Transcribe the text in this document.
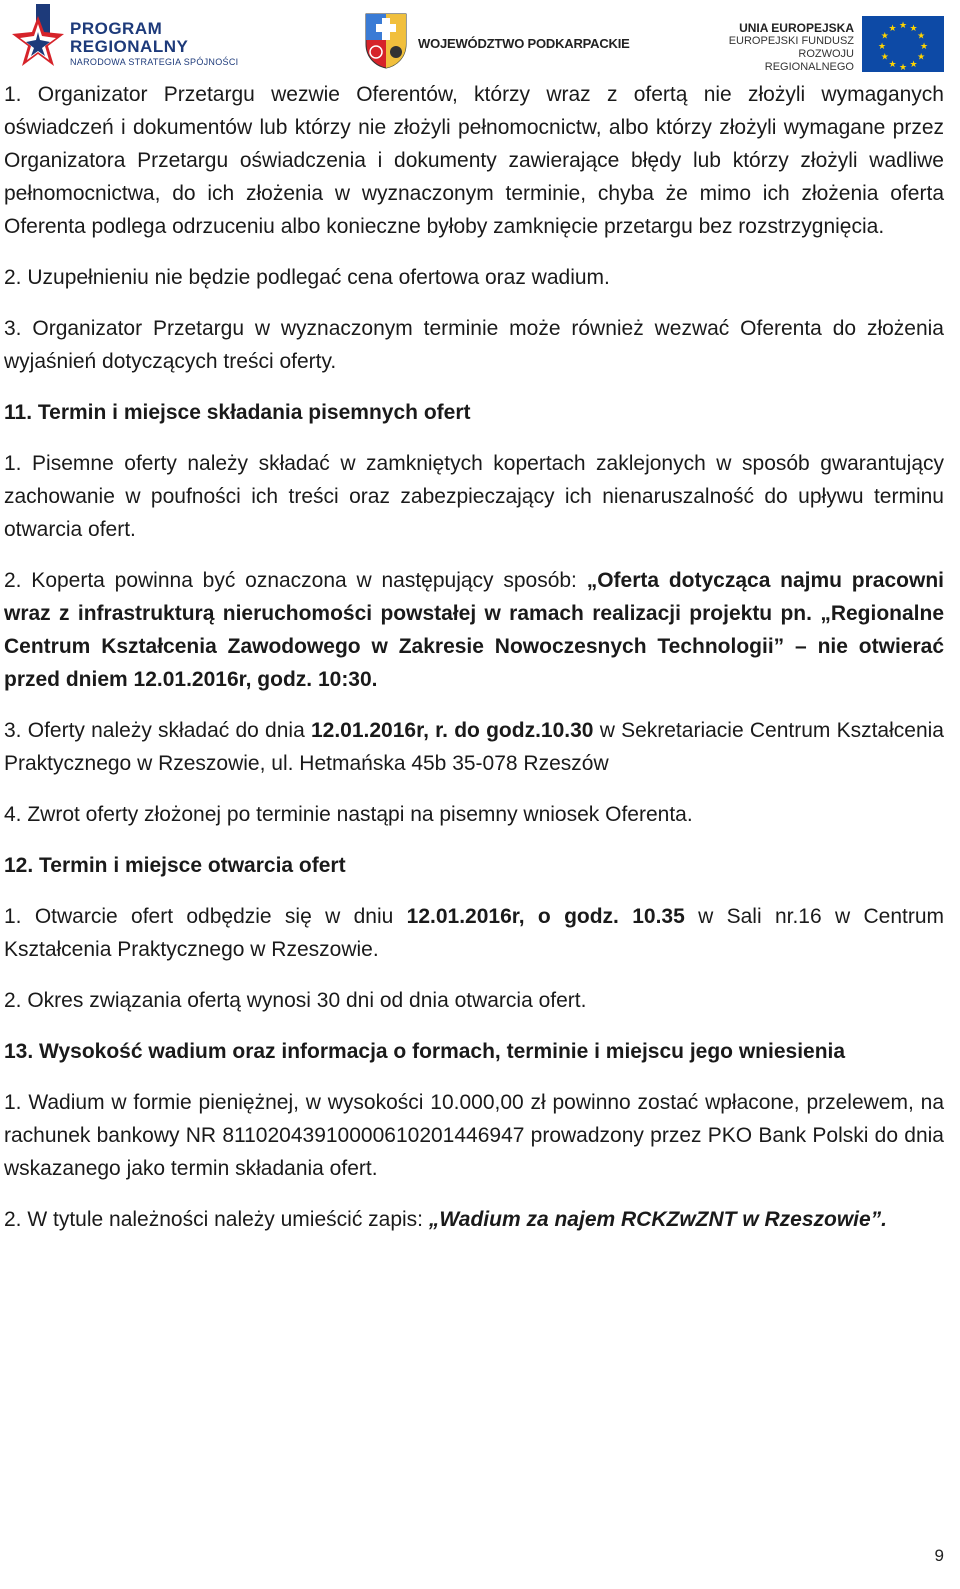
PROGRAM
REGIONALNY
NARODOWA STRATEGIA SPÓJNOŚCI
WOJEWÓDZTWO PODKARPACKIE
UNIA EUROPEJSKA
EUROPEJSKI FUNDUSZ
ROZWOJU REGIONALNEGO
★ ★
★
★
★
★
★
★
★
★
★
★

1. Organizator Przetargu wezwie Oferentów, którzy wraz z ofertą nie złożyli wymaganych oświadczeń i dokumentów lub którzy nie złożyli pełnomocnictw, albo którzy złożyli wymagane przez Organizatora Przetargu oświadczenia i dokumenty zawierające błędy lub którzy złożyli wadliwe pełnomocnictwa, do ich złożenia w wyznaczonym terminie, chyba że mimo ich złożenia oferta Oferenta podlega odrzuceniu albo konieczne byłoby zamknięcie przetargu bez rozstrzygnięcia.

2. Uzupełnieniu nie będzie podlegać cena ofertowa oraz wadium.

3. Organizator Przetargu w wyznaczonym terminie może również wezwać Oferenta do złożenia wyjaśnień dotyczących treści oferty.

11. Termin i miejsce składania pisemnych ofert

1. Pisemne oferty należy składać w zamkniętych kopertach zaklejonych w sposób gwarantujący zachowanie w poufności ich treści oraz zabezpieczający ich nienaruszalność do upływu terminu otwarcia ofert.

2. Koperta powinna być oznaczona w następujący sposób: „Oferta dotycząca najmu pracowni wraz z infrastrukturą nieruchomości powstałej w ramach realizacji projektu pn. „Regionalne Centrum Kształcenia Zawodowego w Zakresie Nowoczesnych Technologii” – nie otwierać przed dniem 12.01.2016r, godz. 10:30.

3. Oferty należy składać do dnia 12.01.2016r, r. do godz.10.30 w Sekretariacie Centrum Kształcenia Praktycznego w Rzeszowie, ul. Hetmańska 45b 35-078 Rzeszów

4. Zwrot oferty złożonej po terminie nastąpi na pisemny wniosek Oferenta.

12. Termin i miejsce otwarcia ofert

1. Otwarcie ofert odbędzie się w dniu 12.01.2016r, o godz. 10.35 w Sali nr.16 w Centrum Kształcenia Praktycznego w Rzeszowie.

2. Okres związania ofertą wynosi 30 dni od dnia otwarcia ofert.

13. Wysokość wadium oraz informacja o formach, terminie i miejscu jego wniesienia

1. Wadium w formie pieniężnej, w wysokości 10.000,00 zł powinno zostać wpłacone, przelewem, na rachunek bankowy NR 81102043910000610201446947 prowadzony przez PKO Bank Polski do dnia wskazanego jako termin składania ofert.

2. W tytule należności należy umieścić zapis: „Wadium za najem RCKZwZNT w Rzeszowie”.

9
